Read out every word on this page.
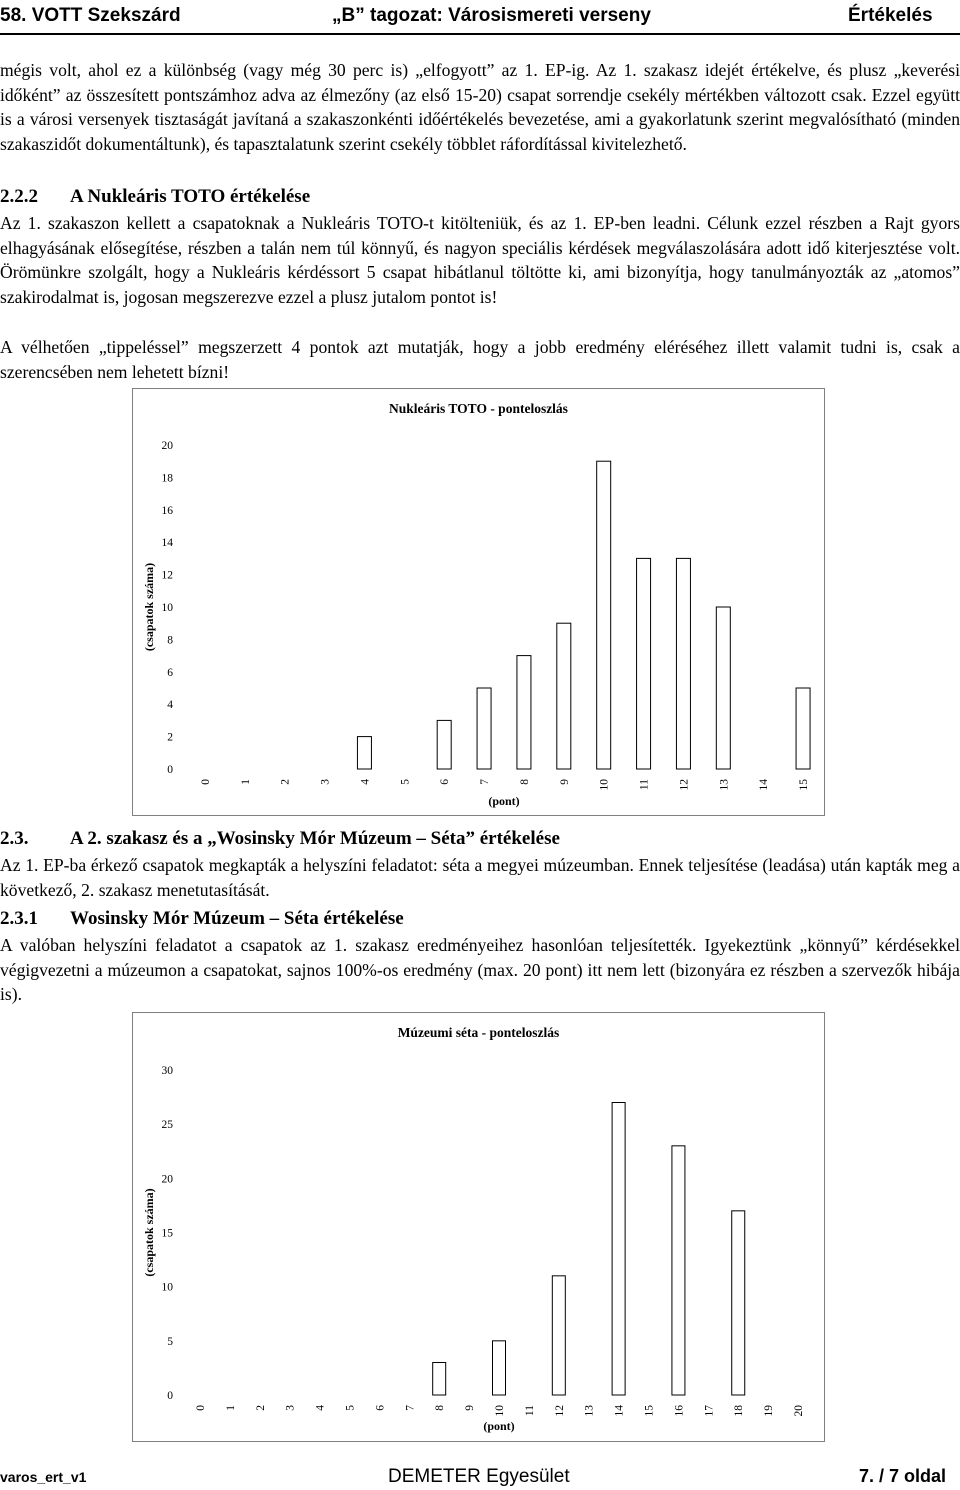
58. VOTT Szekszárd	„B” tagozat: Városismereti verseny	Értékelés
mégis volt, ahol ez a különbség (vagy még 30 perc is) „elfogyott” az 1. EP-ig. Az 1. szakasz idejét értékelve, és plusz „keverési időként” az összesített pontszámhoz adva az élmezőny (az első 15-20) csapat sorrendje csekély mértékben változott csak. Ezzel együtt is a városi versenyek tisztaságát javítaná a szakaszonkénti időértékelés bevezetése, ami a gyakorlatunk szerint megvalósítható (minden szakaszidőt dokumentáltunk), és tapasztalatunk szerint csekély többlet ráfordítással kivitelezhető.
2.2.2 A Nukleáris TOTO értékelése
Az 1. szakaszon kellett a csapatoknak a Nukleáris TOTO-t kitölteniük, és az 1. EP-ben leadni. Célunk ezzel részben a Rajt gyors elhagyásának elősegítése, részben a talán nem túl könnyű, és nagyon speciális kérdések megválaszolására adott idő kiterjesztése volt. Örömünkre szolgált, hogy a Nukleáris kérdéssort 5 csapat hibátlanul töltötte ki, ami bizonyítja, hogy tanulmányozták az „atomos” szakirodalmat is, jogosan megszerezve ezzel a plusz jutalom pontot is!
A vélhetően „tippeléssel” megszerzett 4 pontok azt mutatják, hogy a jobb eredmény eléréséhez illett valamit tudni is, csak a szerencsében nem lehetett bízni!
Nukleáris TOTO - ponteloszlás
0
2
4
6
8
10
12
14
16
18
20
(csapatok száma)
0 1 2 3 4 5 6 7 8 9 10 11 12 13 14 15
(pont)
2.3. A 2. szakasz és a „Wosinsky Mór Múzeum – Séta” értékelése
Az 1. EP-ba érkező csapatok megkapták a helyszíni feladatot: séta a megyei múzeumban. Ennek teljesítése (leadása) után kapták meg a következő, 2. szakasz menetutasítását.
2.3.1 Wosinsky Mór Múzeum – Séta értékelése
A valóban helyszíni feladatot a csapatok az 1. szakasz eredményeihez hasonlóan teljesítették. Igyekeztünk „könnyű” kérdésekkel végigvezetni a múzeumon a csapatokat, sajnos 100%-os eredmény (max. 20 pont) itt nem lett (bizonyára ez részben a szervezők hibája is).
Múzeumi séta - ponteloszlás
0
5
10
15
20
25
30
(csapatok száma)
0 1 2 3 4 5 6 7 8 9 10 11 12 13 14 15 16 17 18 19 20
(pont)
varos_ert_v1	DEMETER Egyesület	7. / 7 oldal
